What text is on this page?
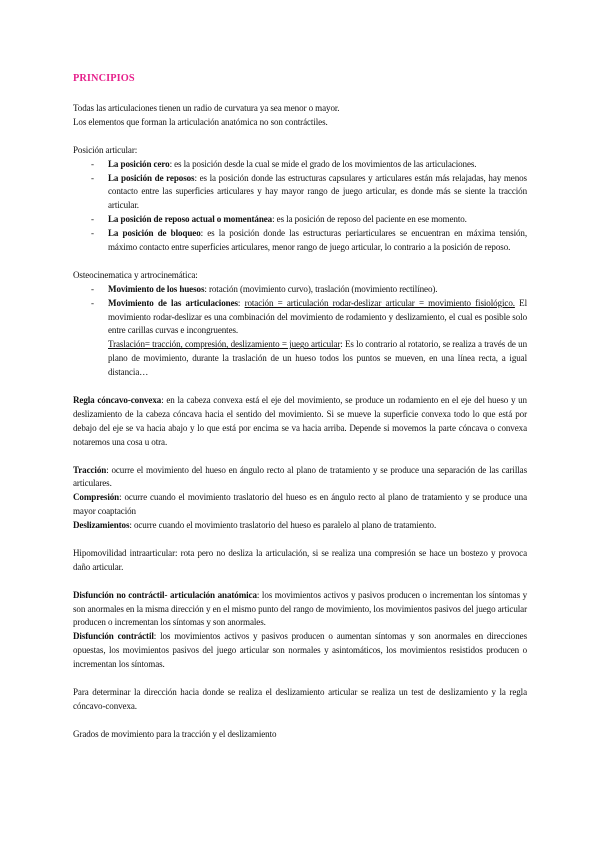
PRINCIPIOS

Todas las articulaciones tienen un radio de curvatura ya sea menor o mayor.

Los elementos que forman la articulación anatómica no son contráctiles.

Posición articular:

- La posición cero: es la posición desde la cual se mide el grado de los movimientos de las articulaciones.
- La posición de reposos: es la posición donde las estructuras capsulares y articulares están más relajadas, hay menos contacto entre las superficies articulares y hay mayor rango de juego articular, es donde más se siente la tracción articular.
- La posición de reposo actual o momentánea: es la posición de reposo del paciente en ese momento.
- La posición de bloqueo: es la posición donde las estructuras periarticulares se encuentran en máxima tensión, máximo contacto entre superficies articulares, menor rango de juego articular, lo contrario a la posición de reposo.

Osteocinematica y artrocinemática:

- Movimiento de los huesos: rotación (movimiento curvo), traslación (movimiento rectilíneo).
- Movimiento de las articulaciones: rotación = articulación rodar-deslizar articular = movimiento fisiológico. El movimiento rodar-deslizar es una combinación del movimiento de rodamiento y deslizamiento, el cual es posible solo entre carillas curvas e incongruentes.
Traslación= tracción, compresión, deslizamiento = juego articular: Es lo contrario al rotatorio, se realiza a través de un plano de movimiento, durante la traslación de un hueso todos los puntos se mueven, en una línea recta, a igual distancia…

Regla cóncavo-convexa: en la cabeza convexa está el eje del movimiento, se produce un rodamiento en el eje del hueso y un deslizamiento de la cabeza cóncava hacia el sentido del movimiento. Si se mueve la superficie convexa todo lo que está por debajo del eje se va hacia abajo y lo que está por encima se va hacia arriba. Depende si movemos la parte cóncava o convexa notaremos una cosa u otra.

Tracción: ocurre el movimiento del hueso en ángulo recto al plano de tratamiento y se produce una separación de las carillas articulares.

Compresión: ocurre cuando el movimiento traslatorio del hueso es en ángulo recto al plano de tratamiento y se produce una mayor coaptación

Deslizamientos: ocurre cuando el movimiento traslatorio del hueso es paralelo al plano de tratamiento.

Hipomovilidad intraarticular: rota pero no desliza la articulación, si se realiza una compresión se hace un bostezo y provoca daño articular.

Disfunción no contráctil- articulación anatómica: los movimientos activos y pasivos producen o incrementan los síntomas y son anormales en la misma dirección y en el mismo punto del rango de movimiento, los movimientos pasivos del juego articular producen o incrementan los síntomas y son anormales.

Disfunción contráctil: los movimientos activos y pasivos producen o aumentan síntomas y son anormales en direcciones opuestas, los movimientos pasivos del juego articular son normales y asintomáticos, los movimientos resistidos producen o incrementan los síntomas.

Para determinar la dirección hacia donde se realiza el deslizamiento articular se realiza un test de deslizamiento y la regla cóncavo-convexa.

Grados de movimiento para la tracción y el deslizamiento
